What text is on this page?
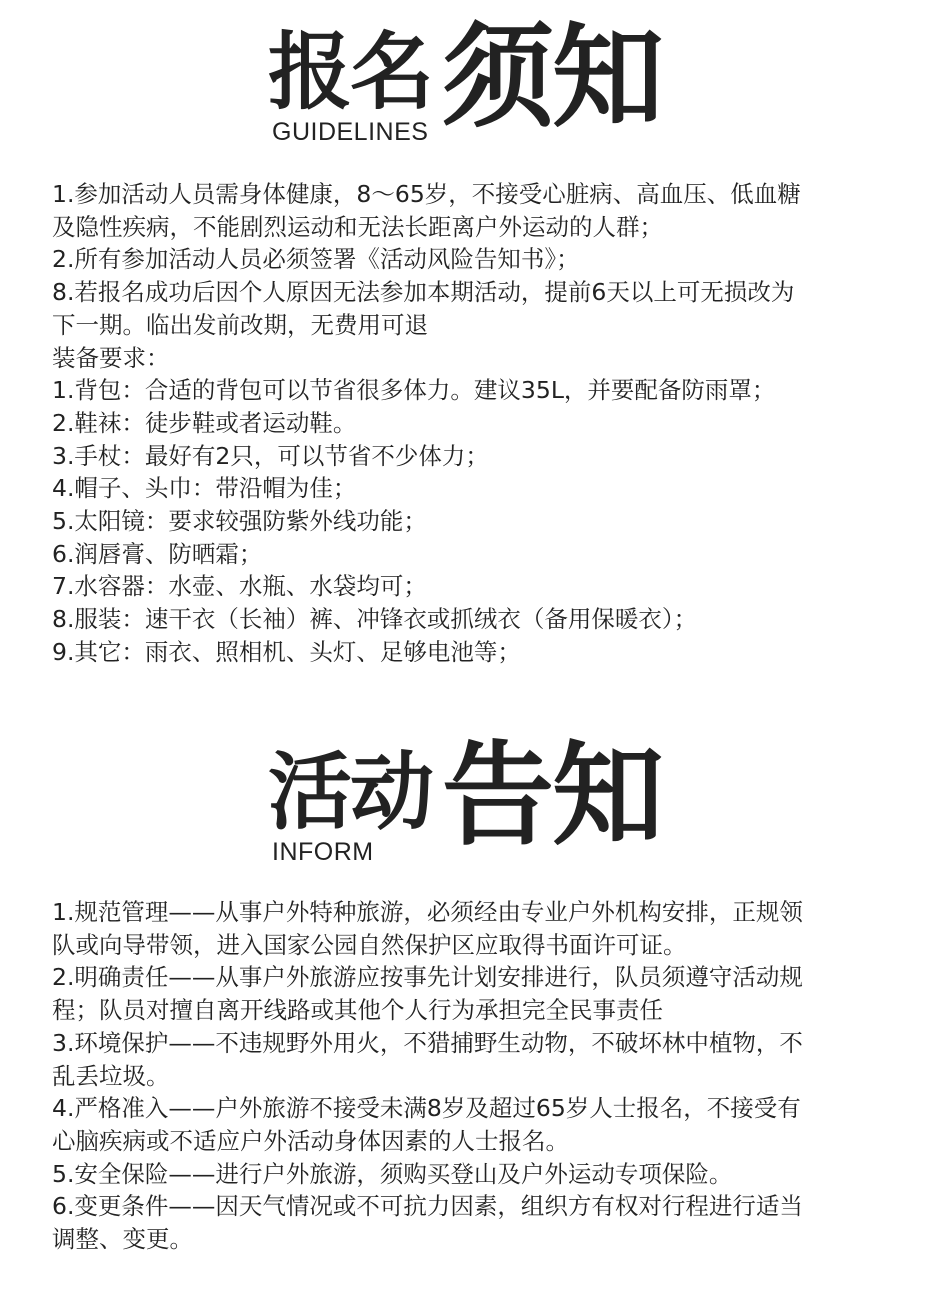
报名 须知
GUIDELINES
1.参加活动人员需身体健康，8～65岁，不接受心脏病、高血压、低血糖
及隐性疾病，不能剧烈运动和无法长距离户外运动的人群；
2.所有参加活动人员必须签署《活动风险告知书》；
8.若报名成功后因个人原因无法参加本期活动，提前6天以上可无损改为
下一期。临出发前改期，无费用可退
装备要求：
1.背包：合适的背包可以节省很多体力。建议35L，并要配备防雨罩；
2.鞋袜：徒步鞋或者运动鞋。
3.手杖：最好有2只，可以节省不少体力；
4.帽子、头巾：带沿帽为佳；
5.太阳镜：要求较强防紫外线功能；
6.润唇膏、防晒霜；
7.水容器：水壶、水瓶、水袋均可；
8.服装：速干衣（长袖）裤、冲锋衣或抓绒衣（备用保暖衣）；
9.其它：雨衣、照相机、头灯、足够电池等；
活动 告知
INFORM
1.规范管理——从事户外特种旅游，必须经由专业户外机构安排，正规领
队或向导带领，进入国家公园自然保护区应取得书面许可证。
2.明确责任——从事户外旅游应按事先计划安排进行，队员须遵守活动规
程；队员对擅自离开线路或其他个人行为承担完全民事责任
3.环境保护——不违规野外用火，不猎捕野生动物，不破坏林中植物，不
乱丢垃圾。
4.严格准入——户外旅游不接受未满8岁及超过65岁人士报名，不接受有
心脑疾病或不适应户外活动身体因素的人士报名。
5.安全保险——进行户外旅游，须购买登山及户外运动专项保险。
6.变更条件——因天气情况或不可抗力因素，组织方有权对行程进行适当
调整、变更。
